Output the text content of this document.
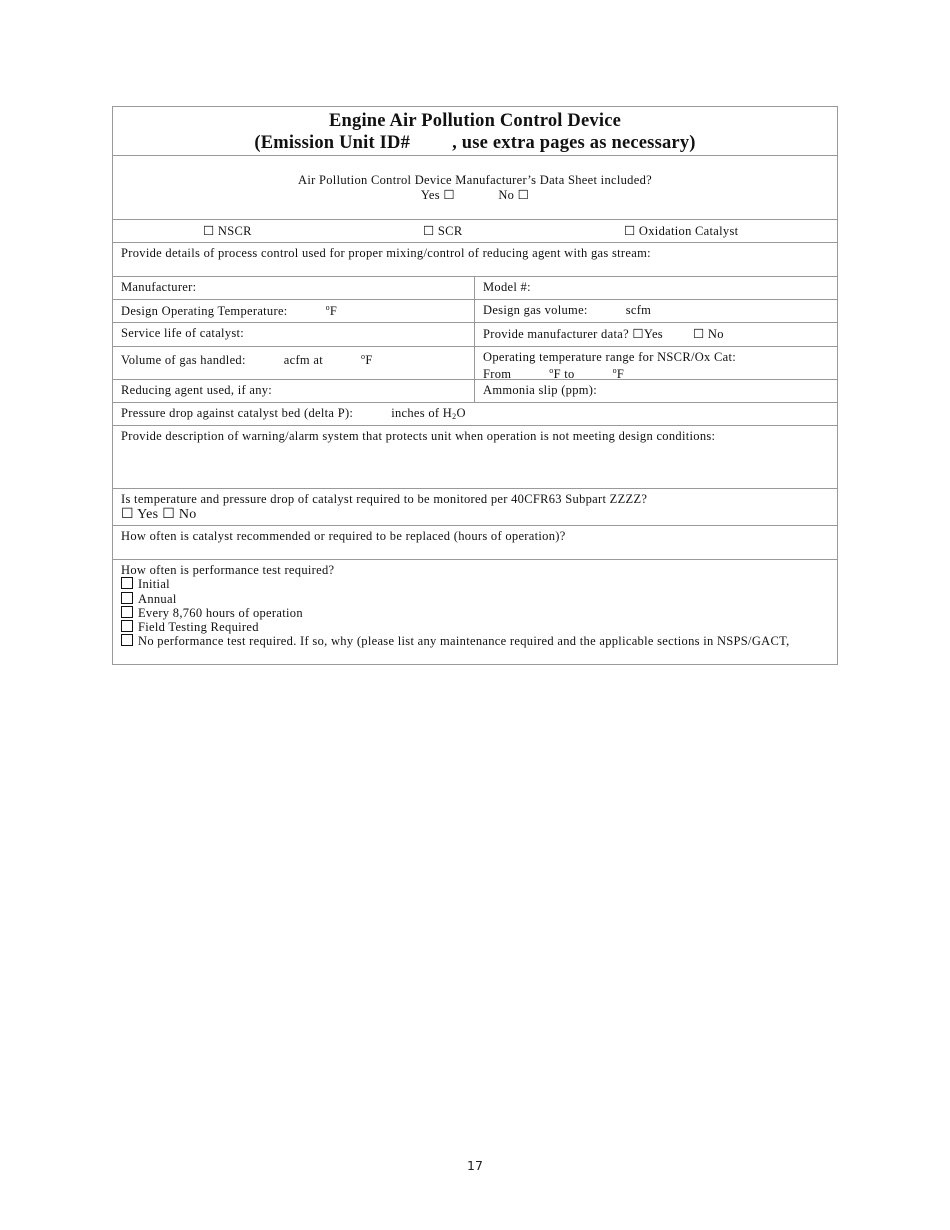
Engine Air Pollution Control Device
(Emission Unit ID# , use extra pages as necessary)
Air Pollution Control Device Manufacturer’s Data Sheet included?
Yes ☐	No ☐
☐ NSCR	☐ SCR	☐ Oxidation Catalyst
Provide details of process control used for proper mixing/control of reducing agent with gas stream:
Manufacturer:	Model #:
Design Operating Temperature:	$^o$F	Design gas volume:	scfm
Service life of catalyst:	Provide manufacturer data? ☐Yes ☐ No
Volume of gas handled:	acfm at	$^o$F	Operating temperature range for NSCR/Ox Cat:
From	$^o$F to	$^o$F
Reducing agent used, if any:	Ammonia slip (ppm):
Pressure drop against catalyst bed (delta P):	inches of $H_2O$
Provide description of warning/alarm system that protects unit when operation is not meeting design conditions:
Is temperature and pressure drop of catalyst required to be monitored per 40CFR63 Subpart ZZZZ?
☐ Yes ☐ No
How often is catalyst recommended or required to be replaced (hours of operation)?
How often is performance test required?
Initial
Annual
Every 8,760 hours of operation
Field Testing Required
No performance test required. If so, why (please list any maintenance required and the applicable sections in NSPS/GACT,
17
